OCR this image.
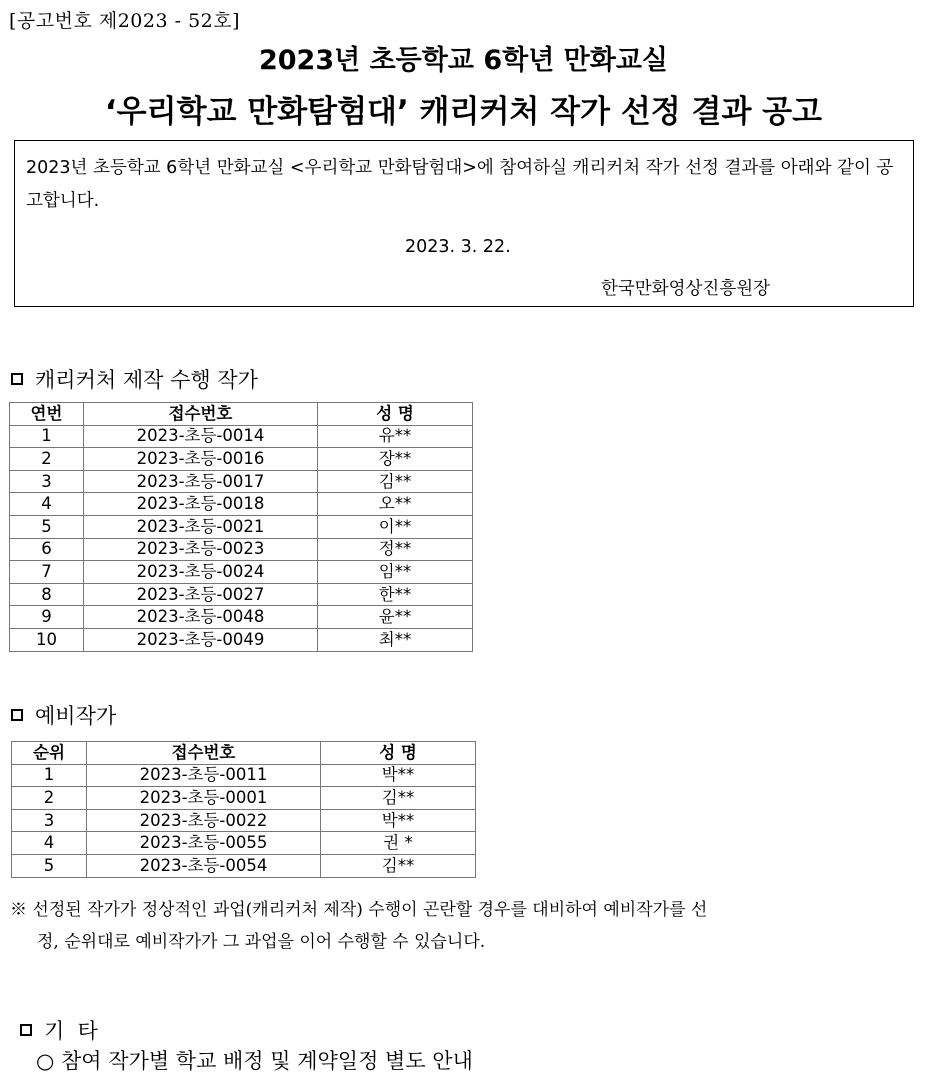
[공고번호 제2023 - 52호]
2023년 초등학교 6학년 만화교실
‘우리학교 만화탐험대’ 캐리커처 작가 선정 결과 공고
2023년 초등학교 6학년 만화교실 <우리학교 만화탐험대>에 참여하실 캐리커처 작가 선정 결과를 아래와 같이 공고합니다.
2023. 3. 22.
한국만화영상진흥원장
캐리커처 제작 수행 작가
연번	접수번호	성 명
1	2023-초등-0014	유**
2	2023-초등-0016	장**
3	2023-초등-0017	김**
4	2023-초등-0018	오**
5	2023-초등-0021	이**
6	2023-초등-0023	정**
7	2023-초등-0024	임**
8	2023-초등-0027	한**
9	2023-초등-0048	윤**
10	2023-초등-0049	최**
예비작가
순위	접수번호	성 명
1	2023-초등-0011	박**
2	2023-초등-0001	김**
3	2023-초등-0022	박**
4	2023-초등-0055	권 *
5	2023-초등-0054	김**
※ 선정된 작가가 정상적인 과업(캐리커처 제작) 수행이 곤란할 경우를 대비하여 예비작가를 선
정, 순위대로 예비작가가 그 과업을 이어 수행할 수 있습니다.
기  타
○ 참여 작가별 학교 배정 및 계약일정 별도 안내
